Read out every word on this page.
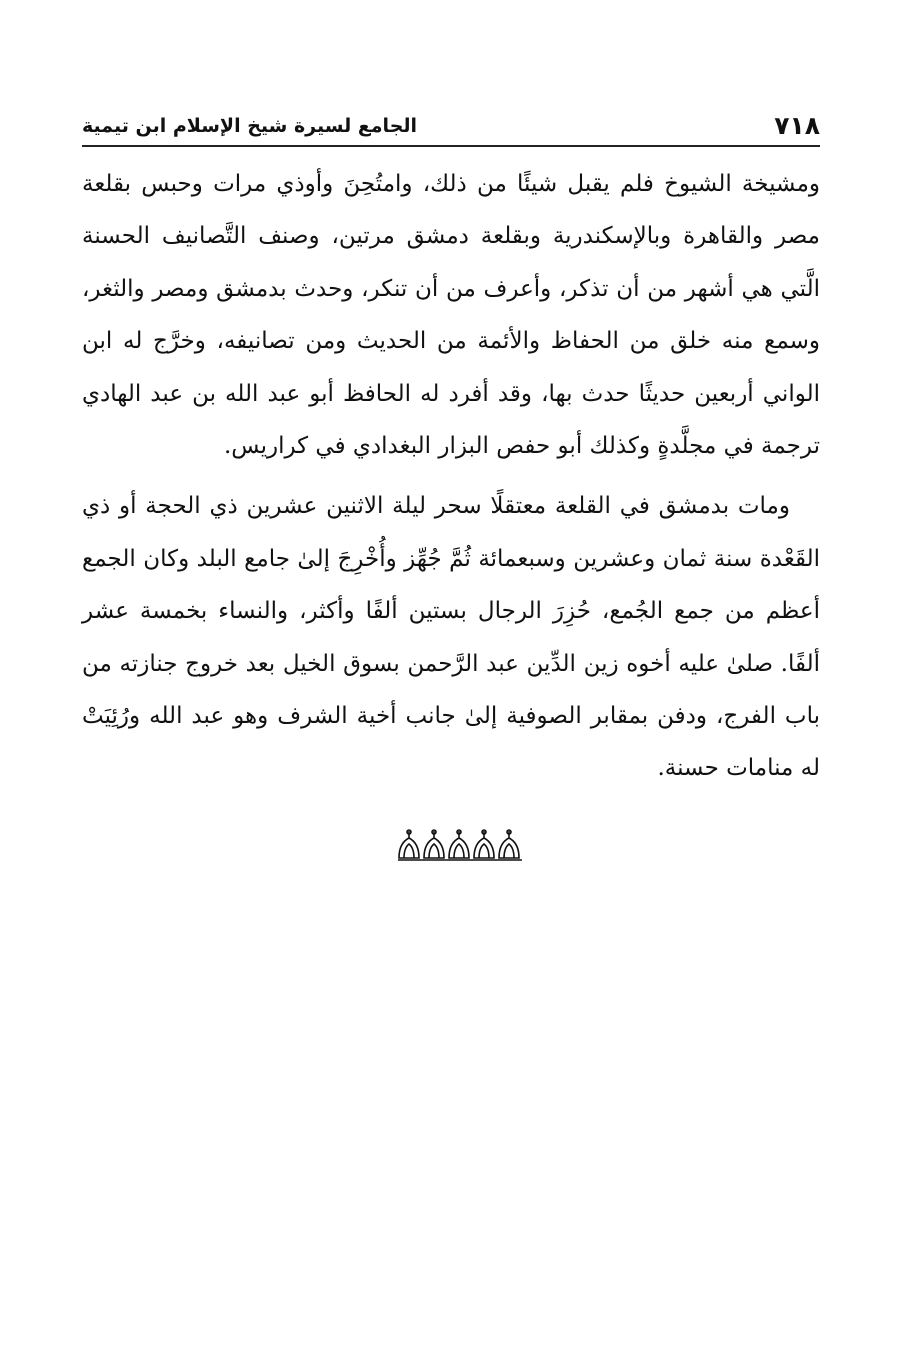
٧١٨
الجامع لسيرة شيخ الإسلام ابن تيمية

ومشيخة الشيوخ فلم يقبل شيئًا من ذلك، وامتُحِنَ وأوذي مرات وحبس بقلعة مصر والقاهرة وبالإسكندرية وبقلعة دمشق مرتين، وصنف التَّصانيف الحسنة الَّتي هي أشهر من أن تذكر، وأعرف من أن تنكر، وحدث بدمشق ومصر والثغر، وسمع منه خلق من الحفاظ والأئمة من الحديث ومن تصانيفه، وخرَّج له ابن الواني أربعين حديثًا حدث بها، وقد أفرد له الحافظ أبو عبد الله بن عبد الهادي ترجمة في مجلَّدةٍ وكذلك أبو حفص البزار البغدادي في كراريس.

ومات بدمشق في القلعة معتقلًا سحر ليلة الاثنين عشرين ذي الحجة أو ذي القَعْدة سنة ثمان وعشرين وسبعمائة ثُمَّ جُهِّز وأُخْرِجَ إلىٰ جامع البلد وكان الجمع أعظم من جمع الجُمع، حُزِرَ الرجال بستين ألفًا وأكثر، والنساء بخمسة عشر ألفًا. صلىٰ عليه أخوه زين الدِّين عبد الرَّحمن بسوق الخيل بعد خروج جنازته من باب الفرج، ودفن بمقابر الصوفية إلىٰ جانب أخية الشرف وهو عبد الله ورُئِيَتْ له منامات حسنة.
